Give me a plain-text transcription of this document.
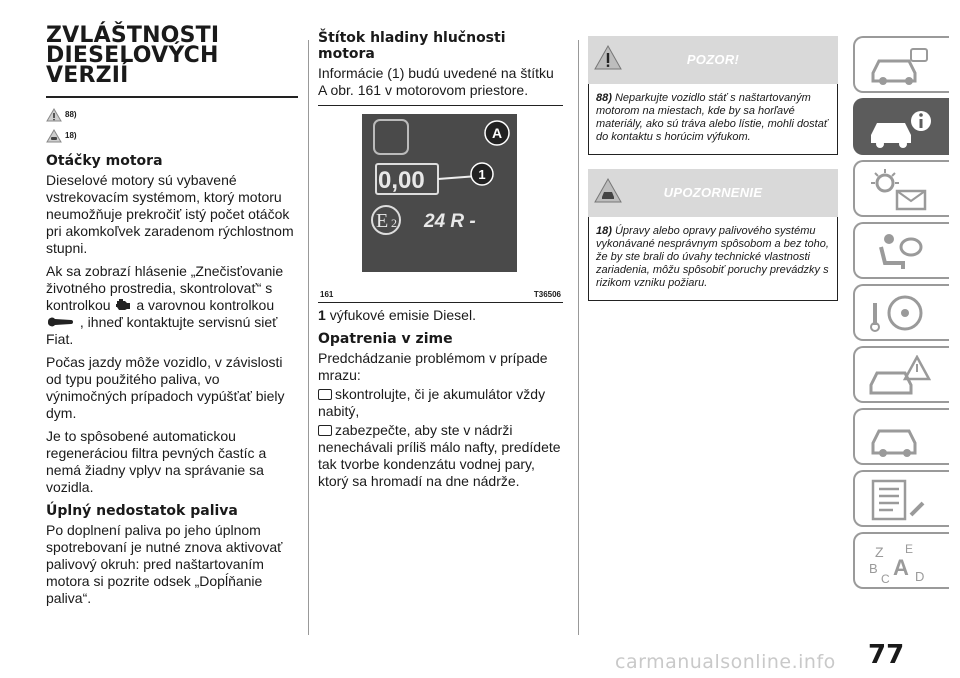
ZVLÁŠTNOSTI
DIESELOVÝCH
VERZIÍ
88)
18)
Otáčky motora

Dieselové motory sú vybavené vstrekovacím systémom, ktorý motoru neumožňuje prekročiť istý počet otáčok pri akomkoľvek zaradenom rýchlostnom stupni.

Ak sa zobrazí hlásenie „Znečisťovanie životného prostredia, skontrolovať“ s kontrolkou a varovnou kontrolkou
, ihneď kontaktujte servisnú sieť Fiat.

Počas jazdy môže vozidlo, v závislosti od typu použitého paliva, vo výnimočných prípadoch vypúšťať biely dym.

Je to spôsobené automatickou regeneráciou filtra pevných častíc a nemá žiadny vplyv na správanie sa vozidla.

Úplný nedostatok paliva

Po doplnení paliva po jeho úplnom spotrebovaní je nutné znova aktivovať palivový okruh: pred naštartovaním motora si pozrite odsek „Dopĺňanie paliva“.

Štítok hladiny hlučnosti motora

Informácie (1) budú uvedené na štítku A obr. 161 v motorovom priestore.

0,00	1
E 2 24 R -
A
161	T36506

1 výfukové emisie Diesel.

Opatrenia v zime

Predchádzanie problémom v prípade mrazu:

skontrolujte, či je akumulátor vždy nabitý,

zabezpečte, aby ste v nádrži nenechávali príliš málo nafty, predídete tak tvorbe kondenzátu vodnej pary, ktorý sa hromadí na dne nádrže.

POZOR!
88) Neparkujte vozidlo stáť s naštartovaným motorom na miestach, kde by sa horľavé materiály, ako sú tráva alebo lístie, mohli dostať do kontaktu s horúcim výfukom.
UPOZORNENIE
18) Úpravy alebo opravy palivového systému vykonávané nesprávnym spôsobom a bez toho, že by ste brali do úvahy technické vlastnosti zariadenia, môžu spôsobiť poruchy prevádzky s rizikom vzniku požiaru.
Z E
B A
C D
77
carmanualsonline.info
